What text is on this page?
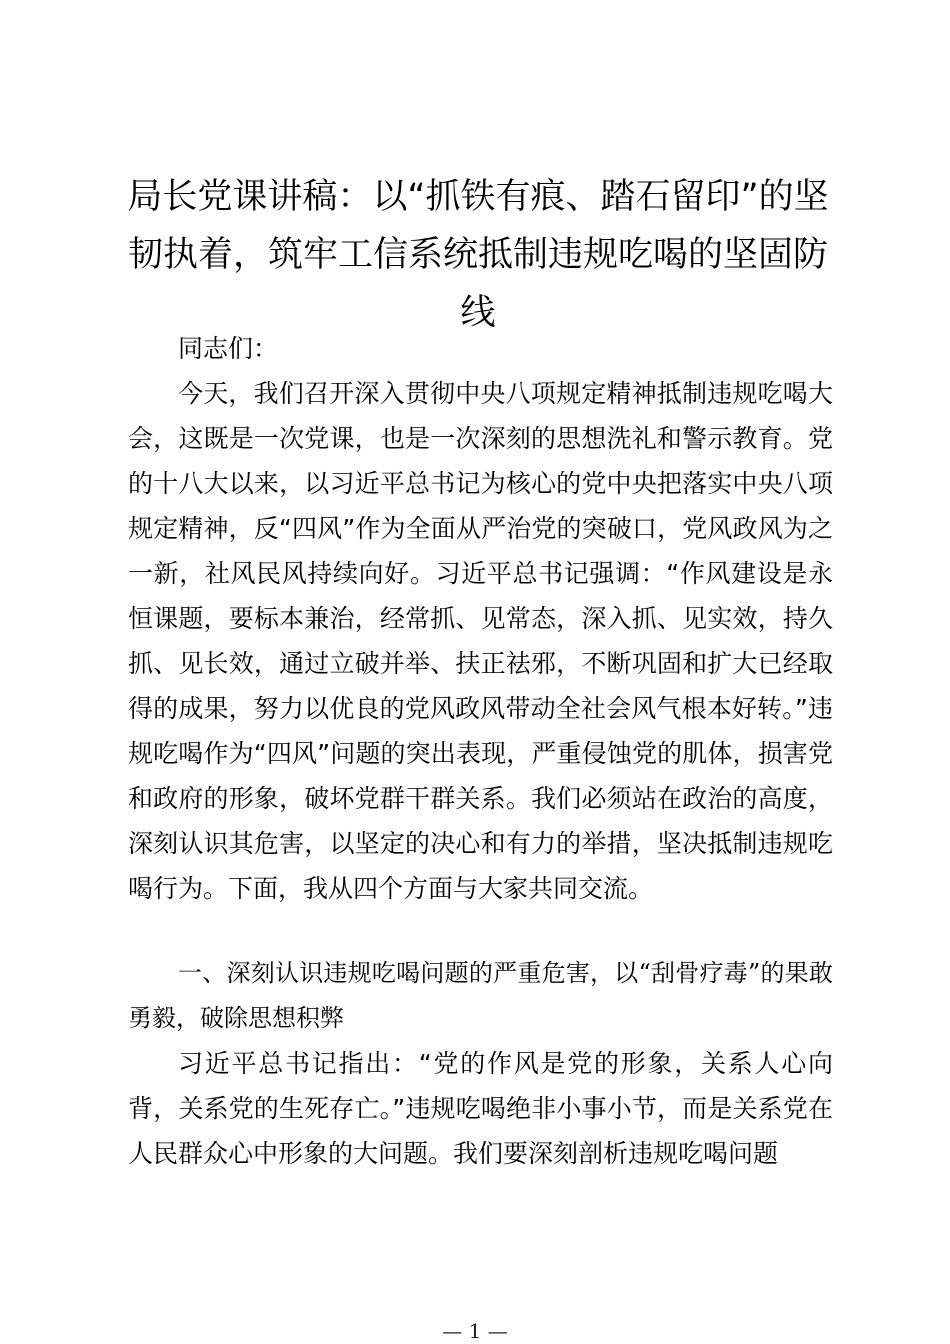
局长党课讲稿：以“抓铁有痕、踏石留印”的坚韧执着，筑牢工信系统抵制违规吃喝的坚固防线

同志们：

今天，我们召开深入贯彻中央八项规定精神抵制违规吃喝大会，这既是一次党课，也是一次深刻的思想洗礼和警示教育。党的十八大以来，以习近平总书记为核心的党中央把落实中央八项规定精神，反“四风”作为全面从严治党的突破口，党风政风为之一新，社风民风持续向好。习近平总书记强调：“作风建设是永恒课题，要标本兼治，经常抓、见常态，深入抓、见实效，持久抓、见长效，通过立破并举、扶正祛邪，不断巩固和扩大已经取得的成果，努力以优良的党风政风带动全社会风气根本好转。”违规吃喝作为“四风”问题的突出表现，严重侵蚀党的肌体，损害党和政府的形象，破坏党群干群关系。我们必须站在政治的高度，深刻认识其危害，以坚定的决心和有力的举措，坚决抵制违规吃喝行为。下面，我从四个方面与大家共同交流。

一、深刻认识违规吃喝问题的严重危害，以“刮骨疗毒”的果敢勇毅，破除思想积弊

习近平总书记指出：“党的作风是党的形象，关系人心向背，关系党的生死存亡。”违规吃喝绝非小事小节，而是关系党在人民群众心中形象的大问题。我们要深刻剖析违规吃喝问题

— 1 —
